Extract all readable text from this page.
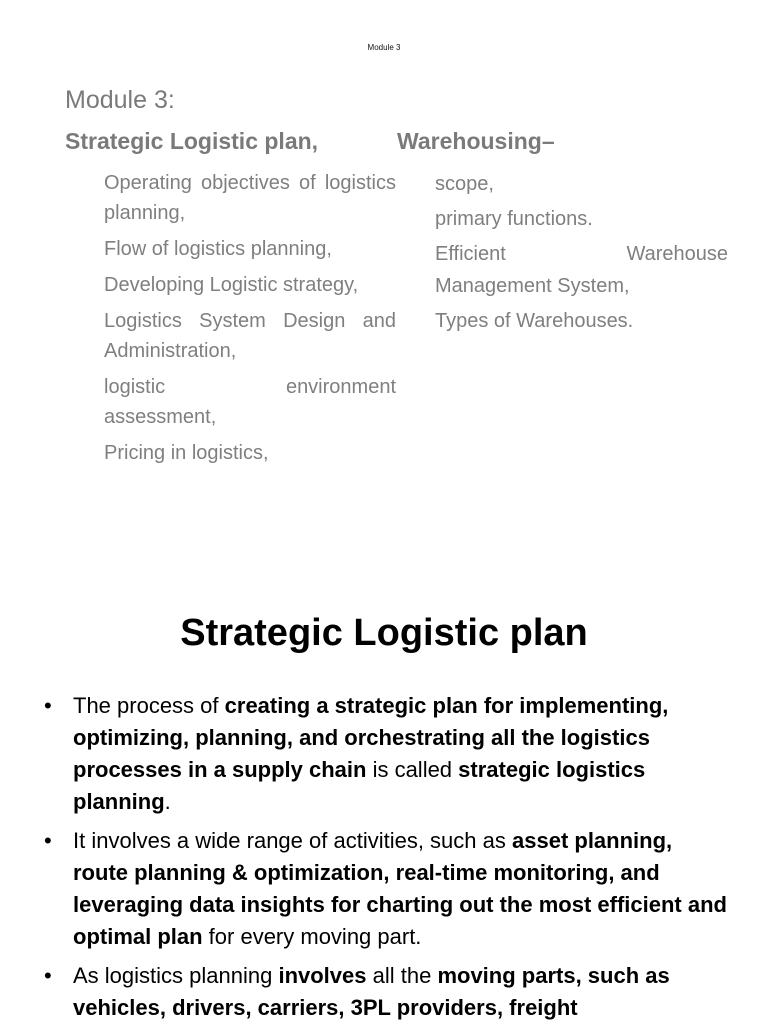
Module 3
Module 3:
Strategic Logistic plan,	Warehousing–
Operating objectives of logistics planning,
Flow of logistics planning,
Developing Logistic strategy,
Logistics System Design and Administration,
logistic environment assessment,
Pricing in logistics,
scope,
primary functions.
Efficient Warehouse Management System,
Types of Warehouses.
Strategic Logistic plan
• The process of creating a strategic plan for implementing, optimizing, planning, and orchestrating all the logistics processes in a supply chain is called strategic logistics planning.
• It involves a wide range of activities, such as asset planning, route planning & optimization, real-time monitoring, and leveraging data insights for charting out the most efficient and optimal plan for every moving part.
• As logistics planning involves all the moving parts, such as vehicles, drivers, carriers, 3PL providers, freight
